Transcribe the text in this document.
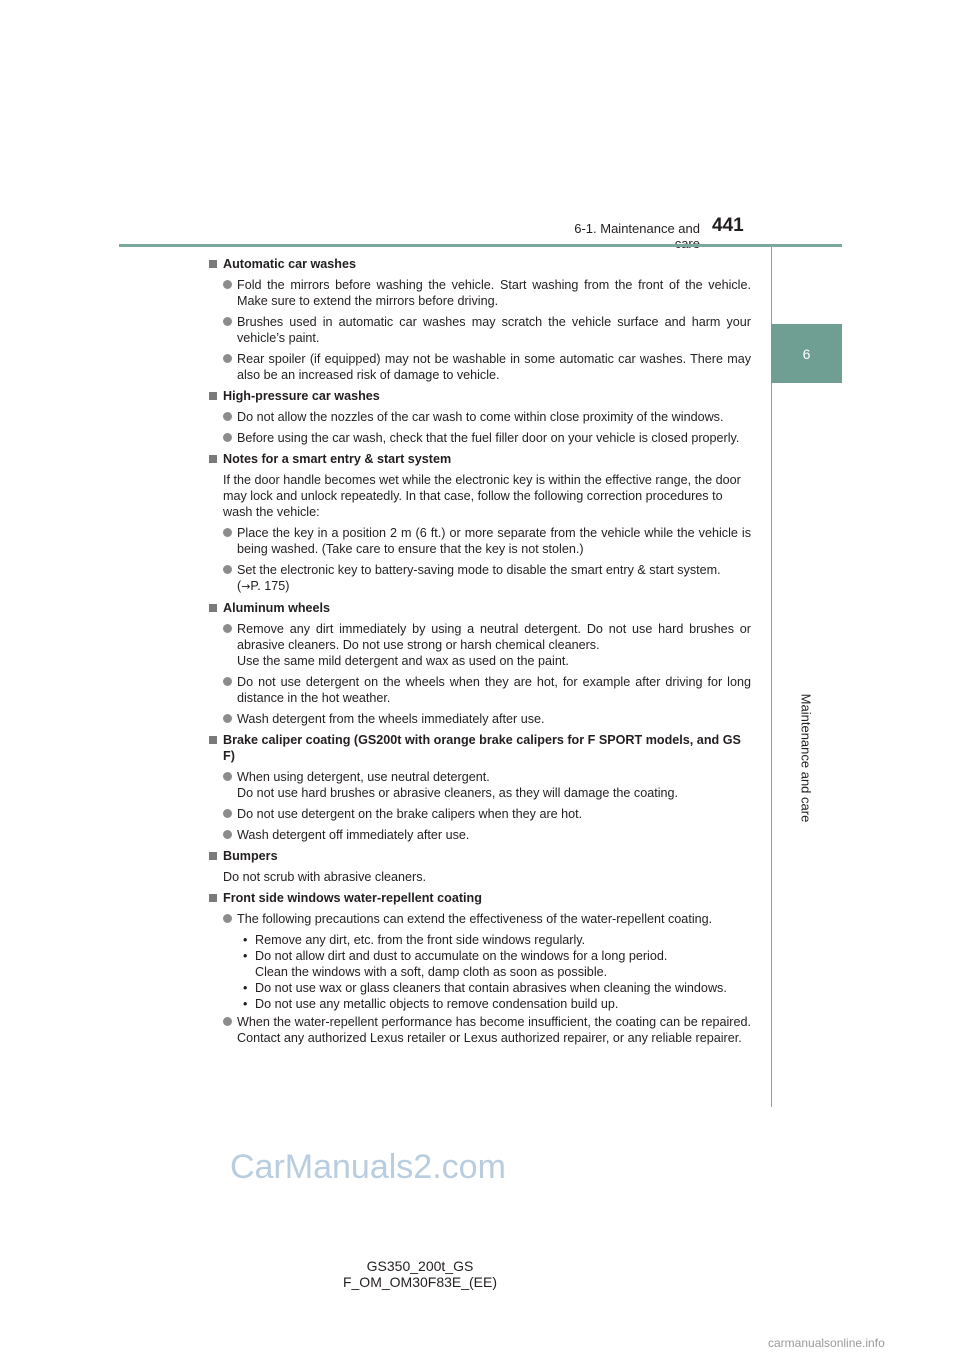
6-1. Maintenance and 441
6
Maintenance and care
Automatic car washes
Fold the mirrors before washing the vehicle. Start washing from the front of the vehicle. Make sure to extend the mirrors before driving.
Brushes used in automatic car washes may scratch the vehicle surface and harm your vehicle’s paint.
Rear spoiler (if equipped) may not be washable in some automatic car washes. There may also be an increased risk of damage to vehicle.
High-pressure car washes
Do not allow the nozzles of the car wash to come within close proximity of the windows.
Before using the car wash, check that the fuel filler door on your vehicle is closed properly.
Notes for a smart entry & start system
If the door handle becomes wet while the electronic key is within the effective range, the door may lock and unlock repeatedly. In that case, follow the following correction procedures to wash the vehicle:
Place the key in a position 2 m (6 ft.) or more separate from the vehicle while the vehicle is being washed. (Take care to ensure that the key is not stolen.)
Set the electronic key to battery-saving mode to disable the smart entry & start system.
(→P. 175)
Aluminum wheels
Remove any dirt immediately by using a neutral detergent. Do not use hard brushes or abrasive cleaners. Do not use strong or harsh chemical cleaners.
Use the same mild detergent and wax as used on the paint.
Do not use detergent on the wheels when they are hot, for example after driving for long distance in the hot weather.
Wash detergent from the wheels immediately after use.
Brake caliper coating (GS200t with orange brake calipers for F SPORT models, and GS F)
When using detergent, use neutral detergent.
Do not use hard brushes or abrasive cleaners, as they will damage the coating.
Do not use detergent on the brake calipers when they are hot.
Wash detergent off immediately after use.
Bumpers
Do not scrub with abrasive cleaners.
Front side windows water-repellent coating
The following precautions can extend the effectiveness of the water-repellent coating.
• Remove any dirt, etc. from the front side windows regularly.
• Do not allow dirt and dust to accumulate on the windows for a long period.
Clean the windows with a soft, damp cloth as soon as possible.
• Do not use wax or glass cleaners that contain abrasives when cleaning the windows.
• Do not use any metallic objects to remove condensation build up.
When the water-repellent performance has become insufficient, the coating can be repaired. Contact any authorized Lexus retailer or Lexus authorized repairer, or any reliable repairer.
CarManuals2.com
GS350_200t_GS F_OM_OM30F83E_(EE)
carmanualsonline.info
